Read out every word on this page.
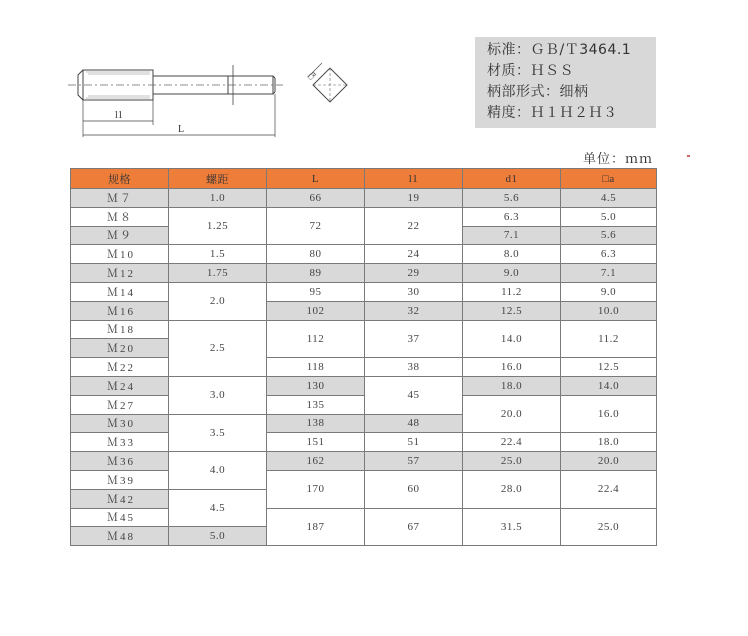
标准：ＧＢ/Ｔ3464.1
材质：ＨＳＳ
柄部形式：细柄
精度：Ｈ１Ｈ２Ｈ３
l1
L
□a
单位：ｍｍ
规格	螺距	L	l1	d1	□a
Ｍ７	1.0	66	19	5.6	4.5
Ｍ８	1.25	72	22	6.3	5.0
Ｍ９				7.1	5.6
Ｍ10	1.5	80	24	8.0	6.3
Ｍ12	1.75	89	29	9.0	7.1
Ｍ14	2.0	95	30	11.2	9.0
Ｍ16		102	32	12.5	10.0
Ｍ18	2.5	112	37	14.0	11.2
Ｍ20					
Ｍ22		118	38	16.0	12.5
Ｍ24	3.0	130	45	18.0	14.0
Ｍ27		135		20.0	16.0
Ｍ30	3.5	138	48		
Ｍ33		151	51	22.4	18.0
Ｍ36	4.0	162	57	25.0	20.0
Ｍ39		170	60	28.0	22.4
Ｍ42	4.5				
Ｍ45		187	67	31.5	25.0
Ｍ48	5.0				
